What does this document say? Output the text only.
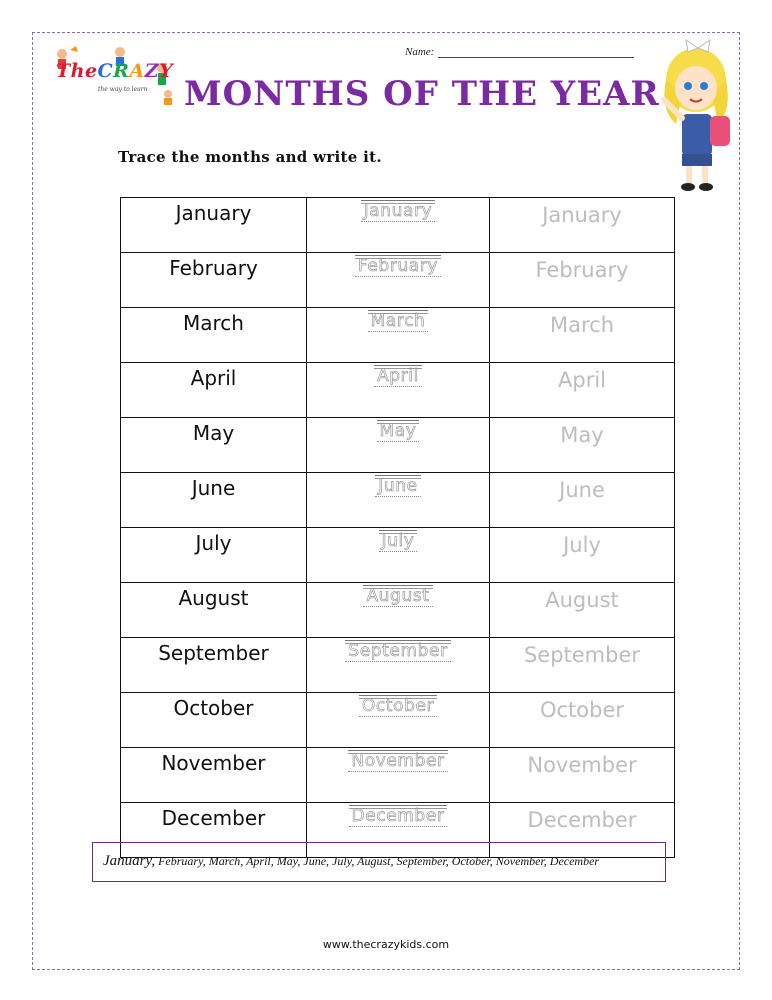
TheCRAZY
the way to learn
Name:
MONTHS OF THE YEAR
Trace the months and write it.
January	January	January
February	February	February
March	March	March
April	April	April
May	May	May
June	June	June
July	July	July
August	August	August
September	September	September
October	October	October
November	November	November
December	December	December
January, February, March, April, May, June, July, August, September, October, November, December
www.thecrazykids.com
